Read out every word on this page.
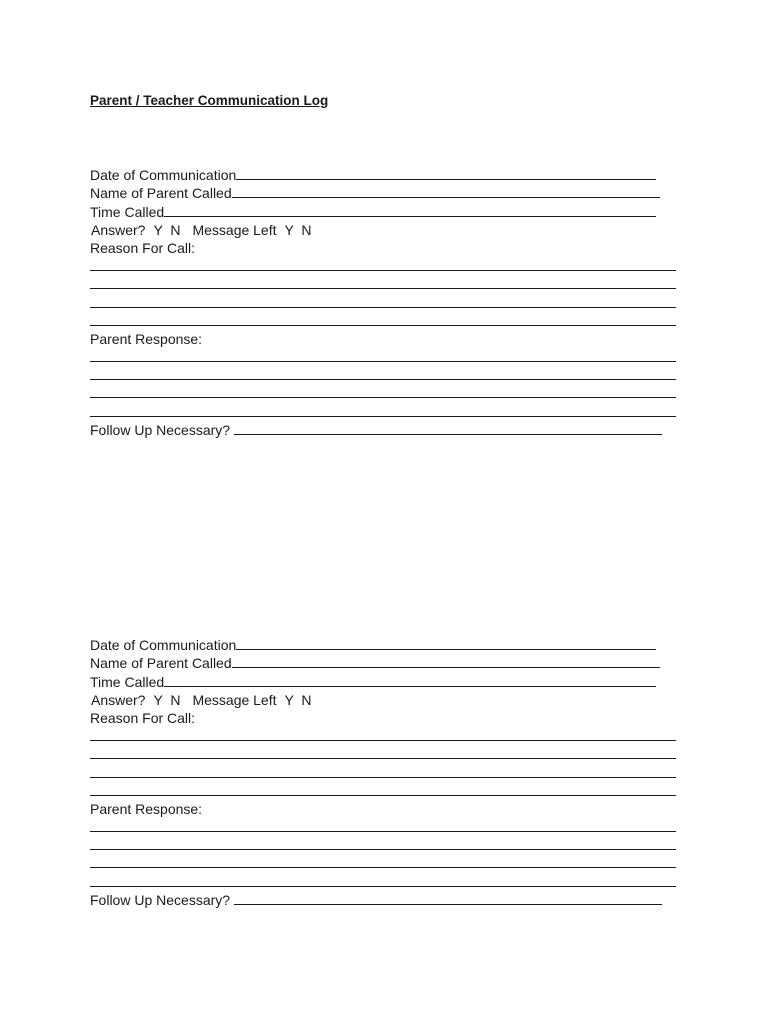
Parent / Teacher Communication Log
Date of Communication
Name of Parent Called
Time Called
Answer? Y  N Message Left Y  N
Reason For Call:
Parent Response:
Follow Up Necessary?
Date of Communication
Name of Parent Called
Time Called
Answer? Y  N Message Left Y  N
Reason For Call:
Parent Response:
Follow Up Necessary?
